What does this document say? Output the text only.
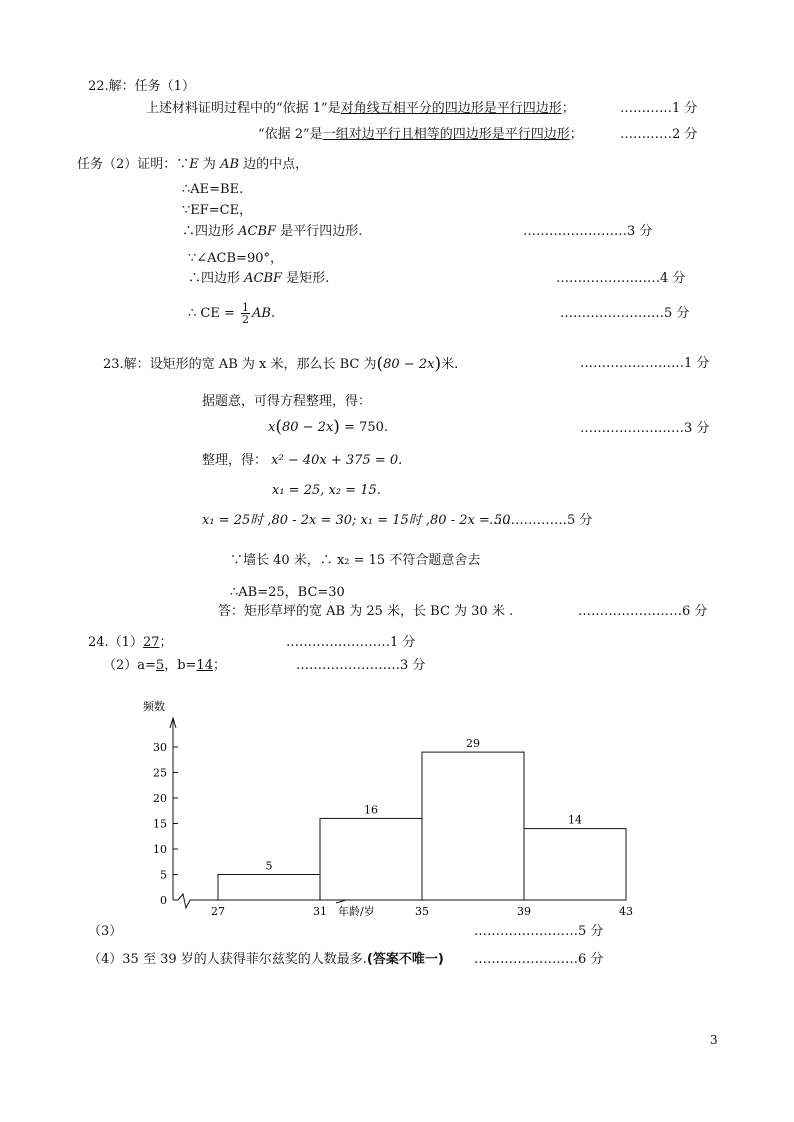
22.解：任务（1）
上述材料证明过程中的“依据 1”是对角线互相平分的四边形是平行四边形；	…………1 分
“依据 2”是一组对边平行且相等的四边形是平行四边形；	…………2 分
任务（2）证明：∵E 为 AB 边的中点，
∴AE=BE.
∵EF=CE，
∴四边形 ACBF 是平行四边形.	……………………3 分
∵∠ACB=90°，
∴四边形 ACBF 是矩形.	……………………4 分
∴ CE = $\frac{1}{2}$ AB.	……………………5 分
23.解：设矩形的宽 AB 为 x 米，那么长 BC 为(80 − 2x)米.	……………………1 分
据题意，可得方程整理，得：
x(80 − 2x) = 750.	……………………3 分
整理，得： x² − 40x + 375 = 0.
x₁ = 25, x₂ = 15.
x₁ = 25时 ,80 - 2x = 30; x₁ = 15时 ,80 - 2x = 50
………………5 分
∵墙长 40 米，∴ x₂ = 15 不符合题意舍去
∴AB=25，BC=30
答：矩形草坪的宽 AB 为 25 米，长 BC 为 30 米 .	……………………6 分
24.（1）27；	……………………1 分
（2）a=5，b=14；	……………………3 分
0
5
10
15
20
25
30
频数
27	31	35	39	43
年龄/岁
5
16
29
14
（3）	……………………5 分
（4）35 至 39 岁的人获得菲尔兹奖的人数最多.(答案不唯一) ……………………6 分
3
